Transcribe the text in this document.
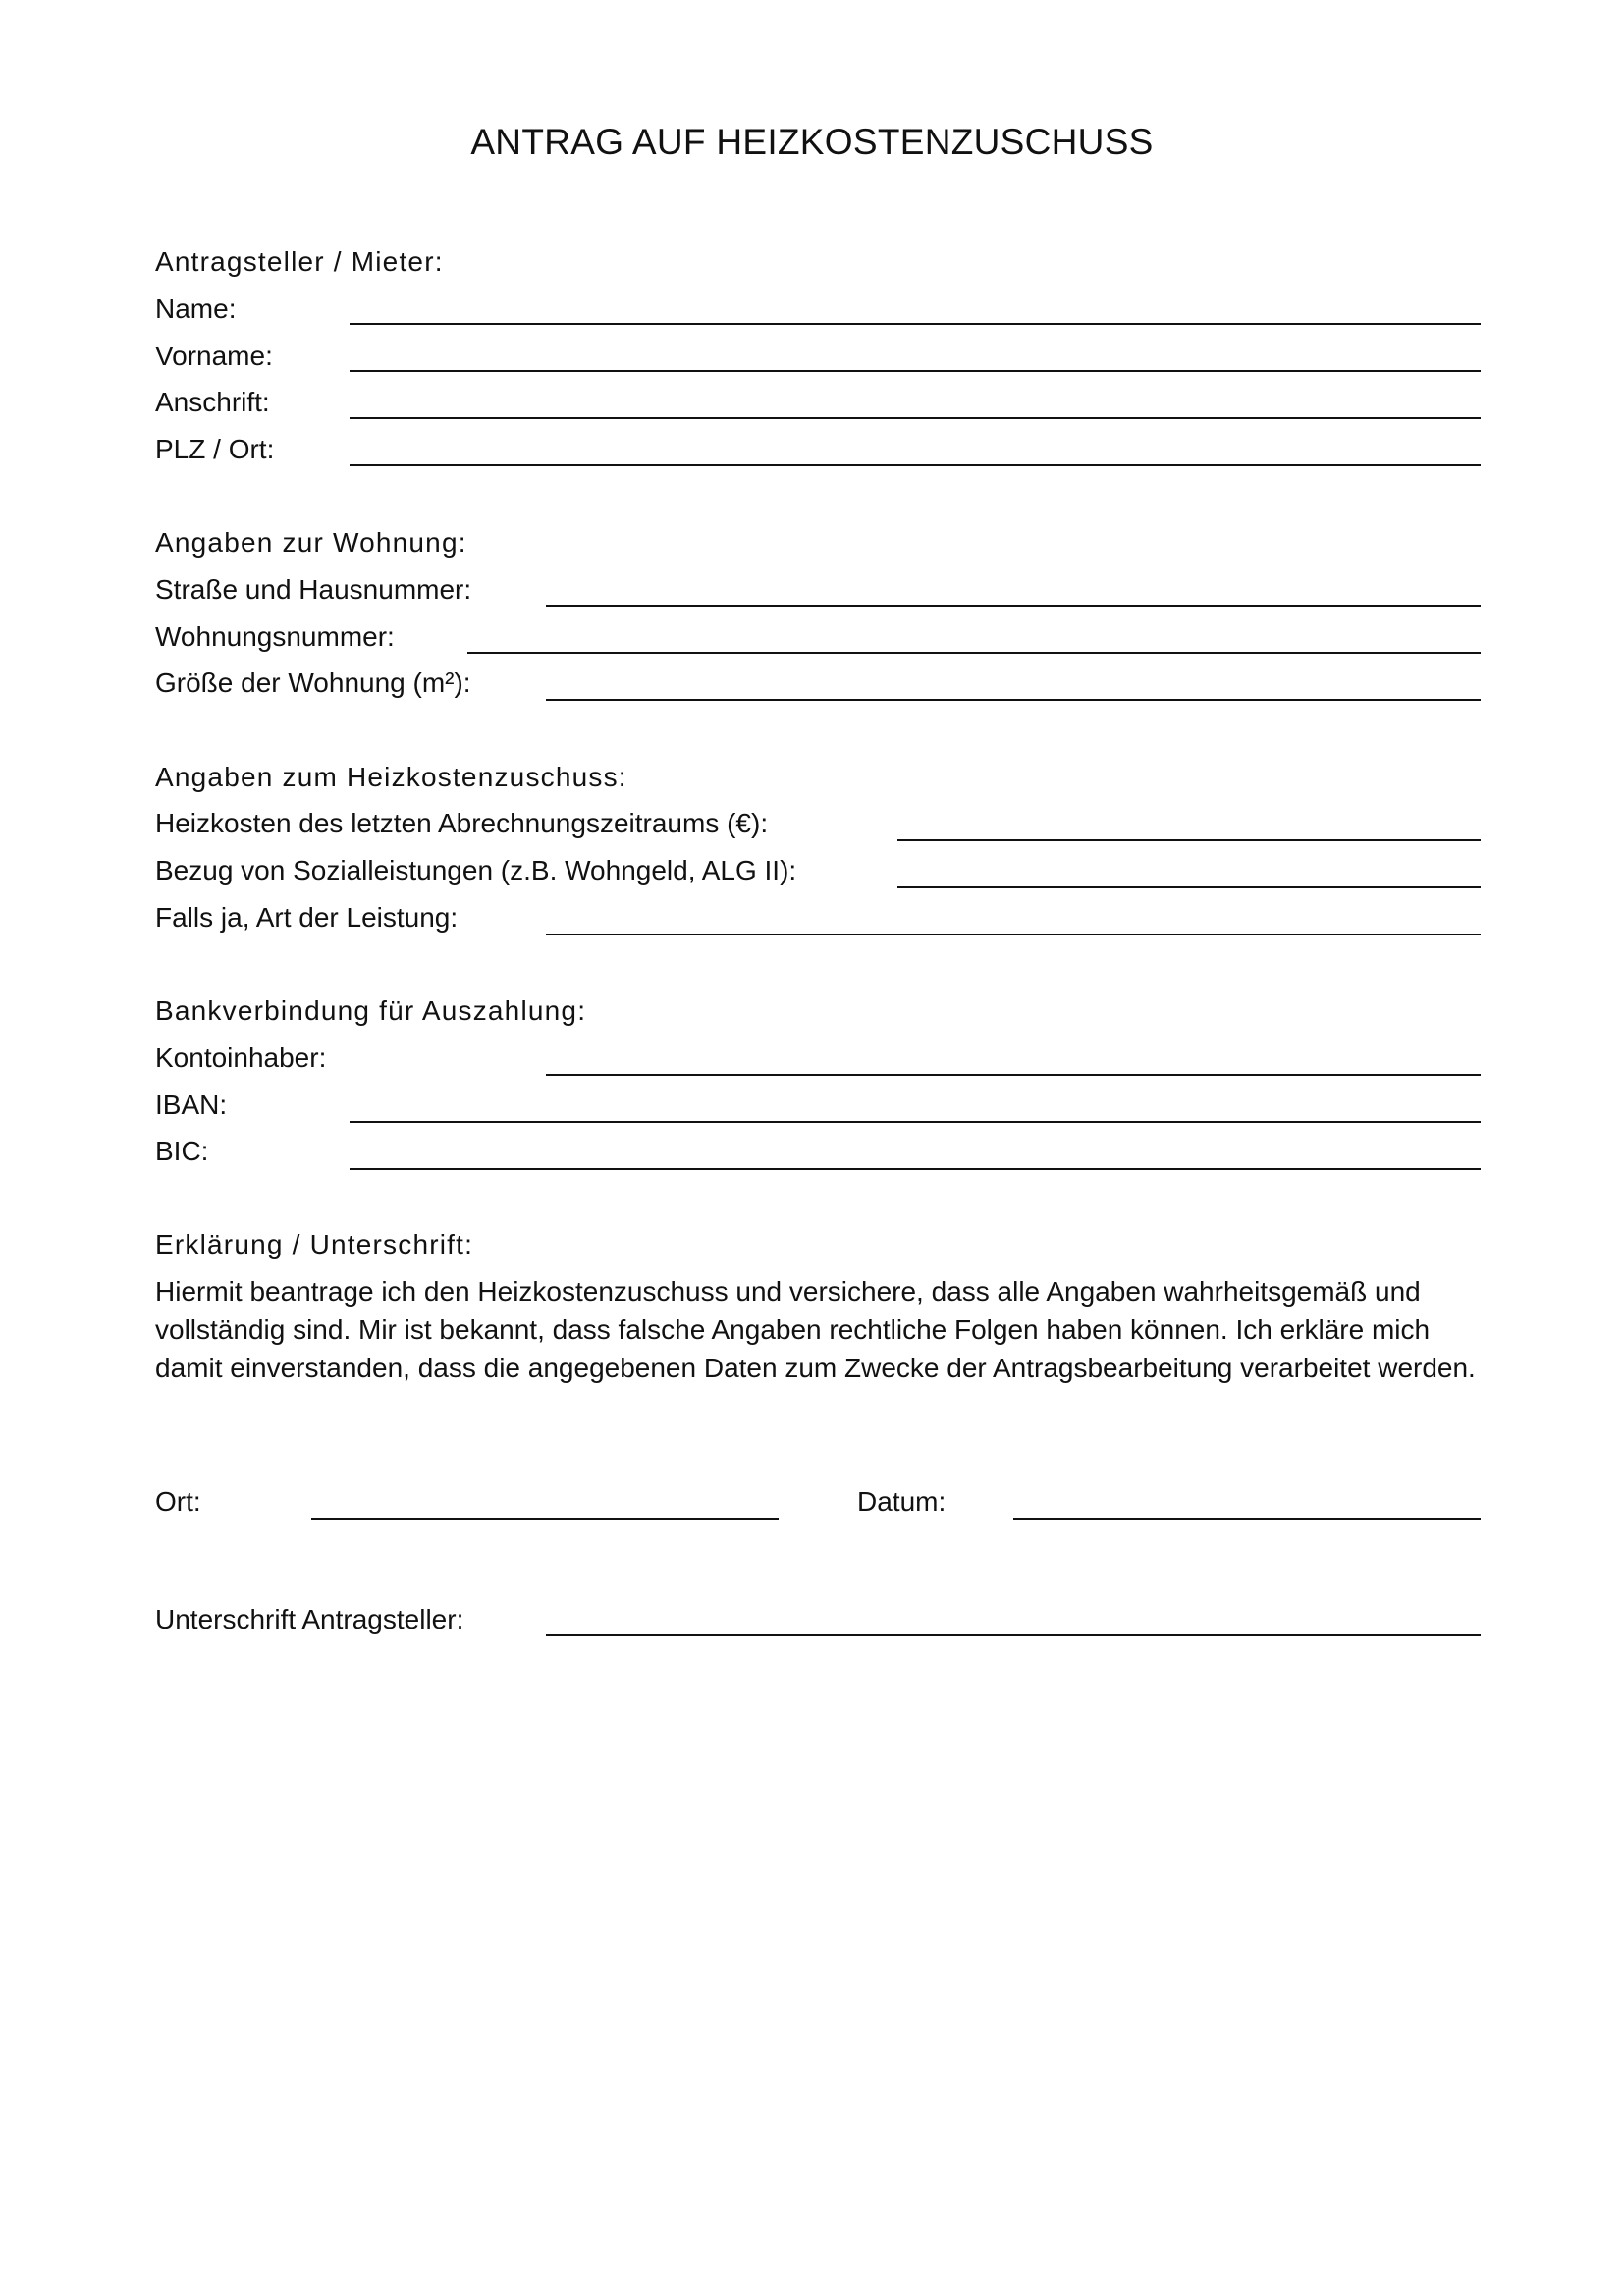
ANTRAG AUF HEIZKOSTENZUSCHUSS
Antragsteller / Mieter:
Name:
Vorname:
Anschrift:
PLZ / Ort:
Angaben zur Wohnung:
Straße und Hausnummer:
Wohnungsnummer:
Größe der Wohnung (m²):
Angaben zum Heizkostenzuschuss:
Heizkosten des letzten Abrechnungszeitraums (€):
Bezug von Sozialleistungen (z.B. Wohngeld, ALG II):
Falls ja, Art der Leistung:
Bankverbindung für Auszahlung:
Kontoinhaber:
IBAN:
BIC:
Erklärung / Unterschrift:
Hiermit beantrage ich den Heizkostenzuschuss und versichere, dass alle Angaben wahrheitsgemäß und
vollständig sind. Mir ist bekannt, dass falsche Angaben rechtliche Folgen haben können. Ich erkläre mich
damit einverstanden, dass die angegebenen Daten zum Zwecke der Antragsbearbeitung verarbeitet werden.
Ort:	Datum:
Unterschrift Antragsteller:
